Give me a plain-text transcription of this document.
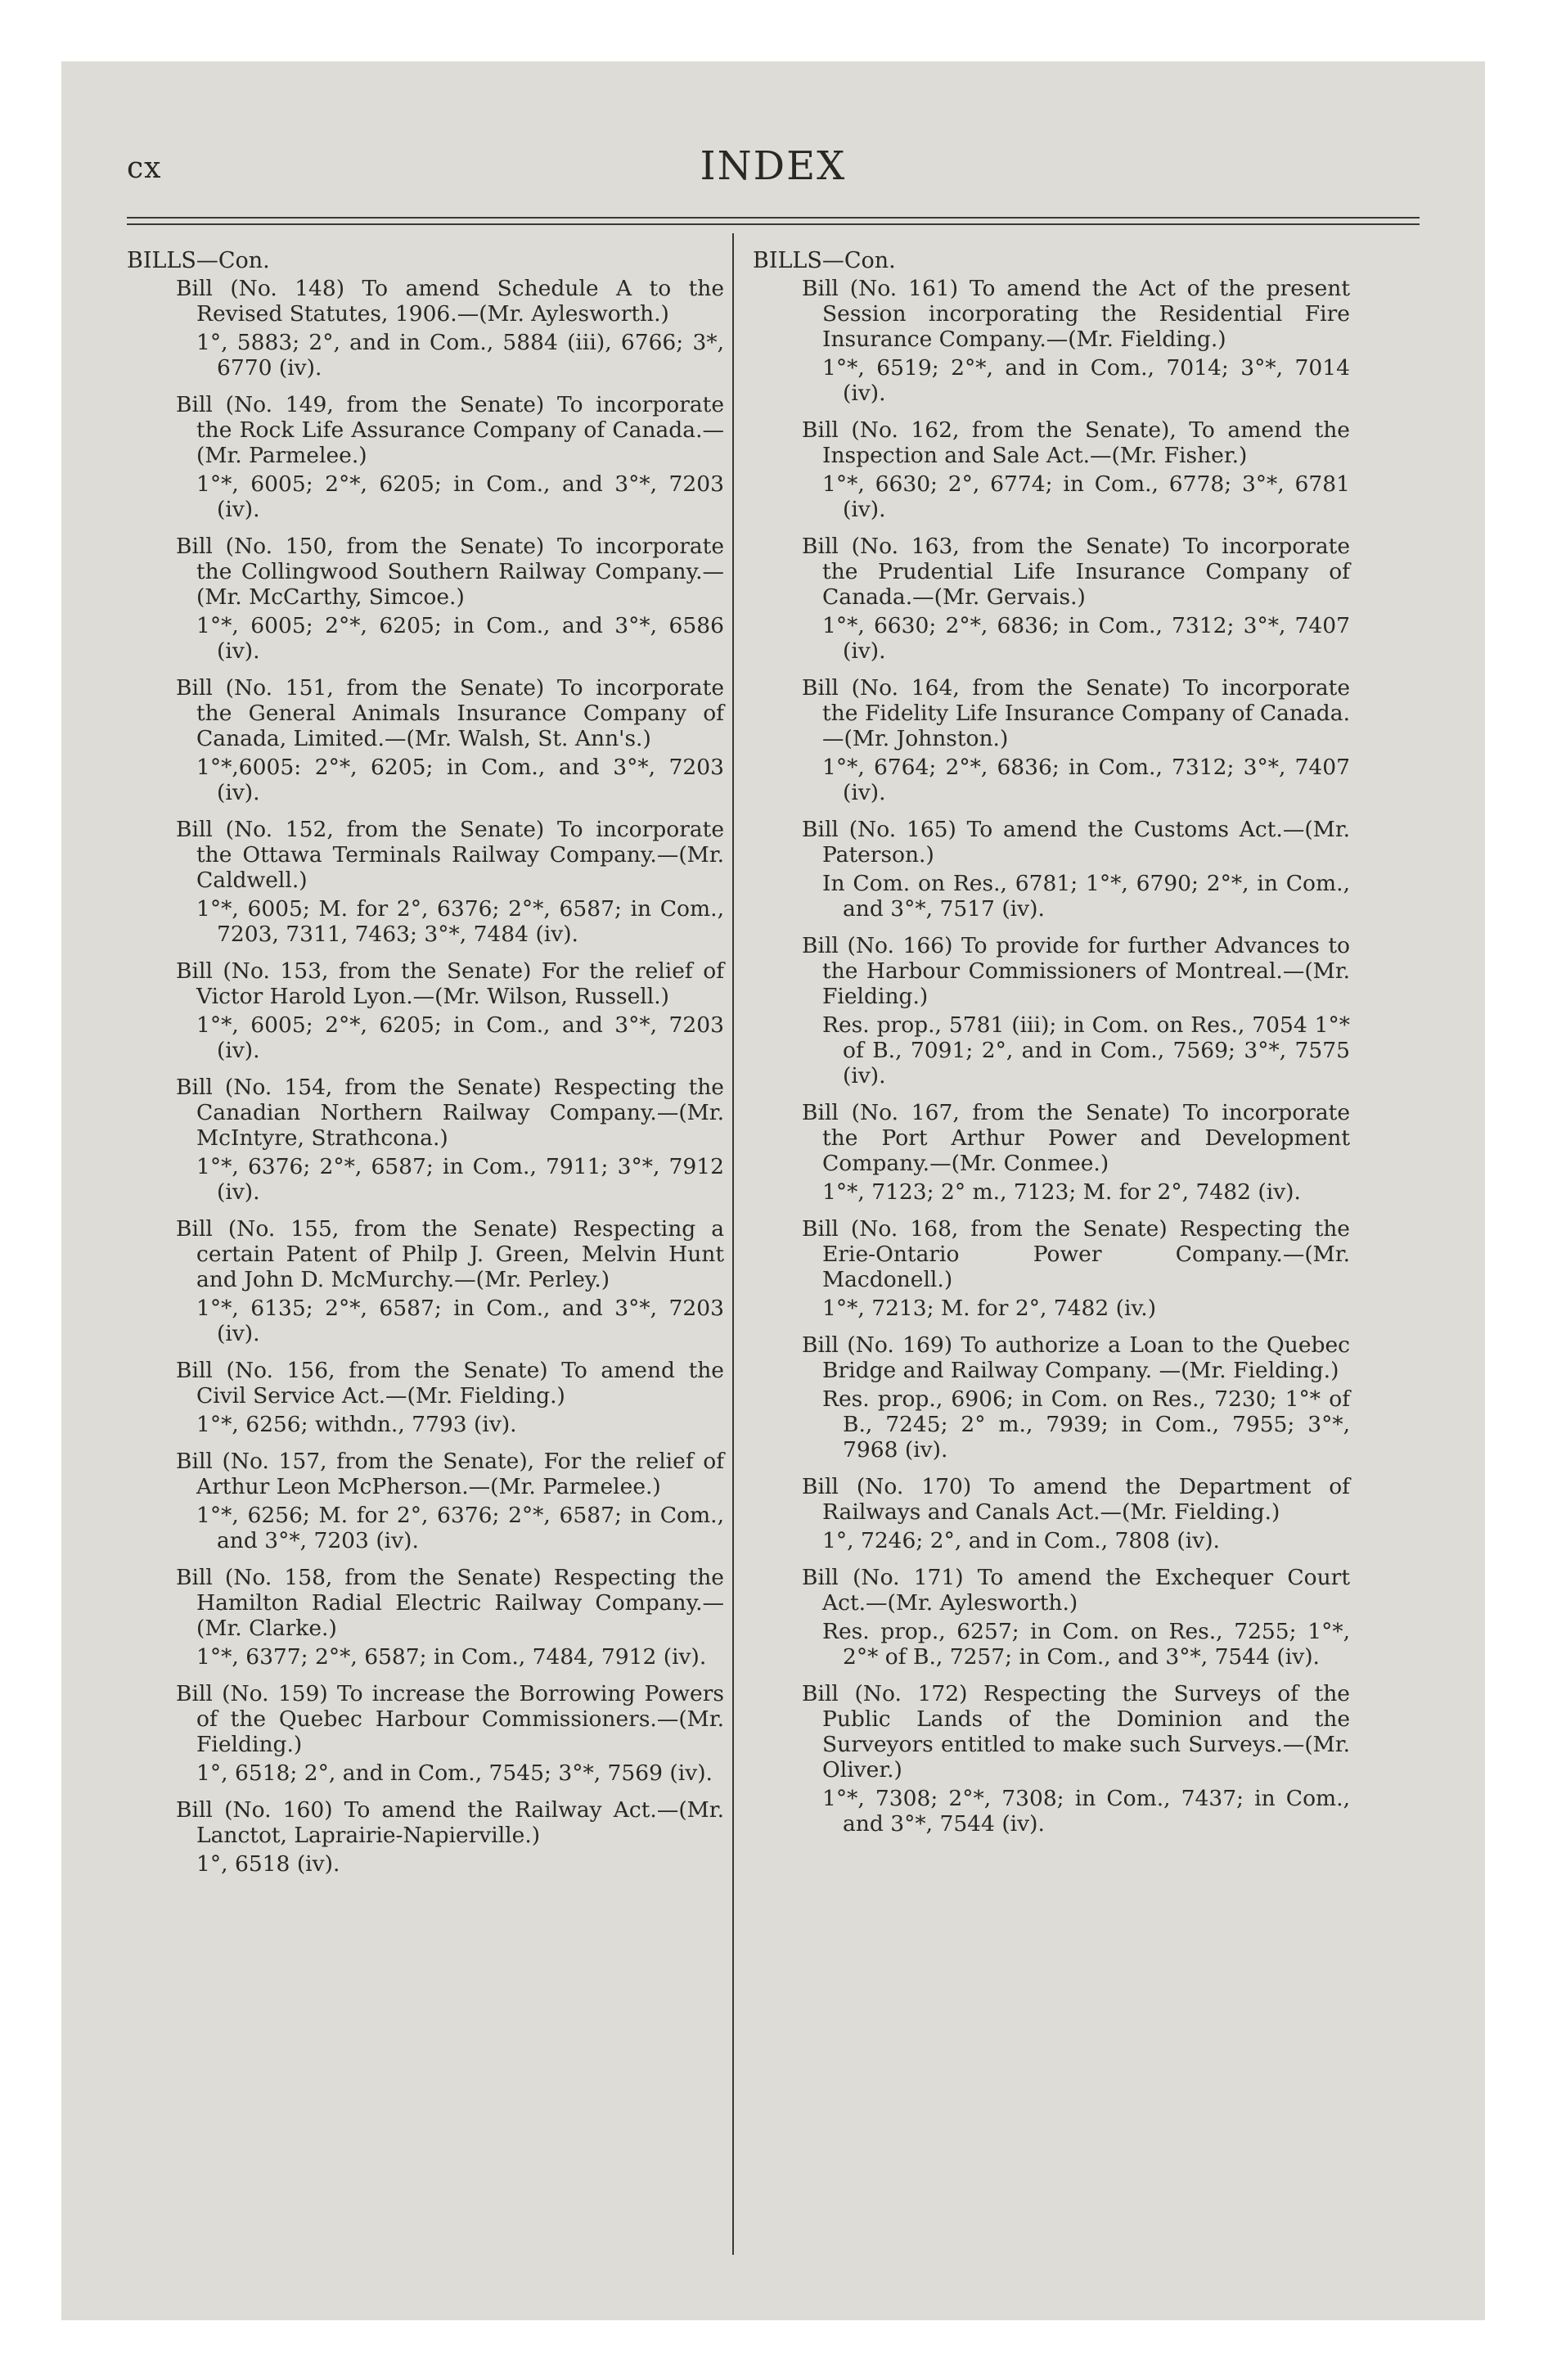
cx	INDEX
BILLS—Con.
Bill (No. 148) To amend Schedule A to the Revised Statutes, 1906.—(Mr. Aylesworth.)
1°, 5883; 2°, and in Com., 5884 (iii), 6766; 3*, 6770 (iv).
Bill (No. 149, from the Senate) To incorporate the Rock Life Assurance Company of Canada.—(Mr. Parmelee.)
1°*, 6005; 2°*, 6205; in Com., and 3°*, 7203 (iv).
Bill (No. 150, from the Senate) To incorporate the Collingwood Southern Railway Company.—(Mr. McCarthy, Simcoe.)
1°*, 6005; 2°*, 6205; in Com., and 3°*, 6586 (iv).
Bill (No. 151, from the Senate) To incorporate the General Animals Insurance Company of Canada, Limited.—(Mr. Walsh, St. Ann's.)
1°*,6005: 2°*, 6205; in Com., and 3°*, 7203 (iv).
Bill (No. 152, from the Senate) To incorporate the Ottawa Terminals Railway Company.—(Mr. Caldwell.)
1°*, 6005; M. for 2°, 6376; 2°*, 6587; in Com., 7203, 7311, 7463; 3°*, 7484 (iv).
Bill (No. 153, from the Senate) For the relief of Victor Harold Lyon.—(Mr. Wilson, Russell.)
1°*, 6005; 2°*, 6205; in Com., and 3°*, 7203 (iv).
Bill (No. 154, from the Senate) Respecting the Canadian Northern Railway Company.—(Mr. McIntyre, Strathcona.)
1°*, 6376; 2°*, 6587; in Com., 7911; 3°*, 7912 (iv).
Bill (No. 155, from the Senate) Respecting a certain Patent of Philp J. Green, Melvin Hunt and John D. McMurchy.—(Mr. Perley.)
1°*, 6135; 2°*, 6587; in Com., and 3°*, 7203 (iv).
Bill (No. 156, from the Senate) To amend the Civil Service Act.—(Mr. Fielding.)
1°*, 6256; withdn., 7793 (iv).
Bill (No. 157, from the Senate), For the relief of Arthur Leon McPherson.—(Mr. Parmelee.)
1°*, 6256; M. for 2°, 6376; 2°*, 6587; in Com., and 3°*, 7203 (iv).
Bill (No. 158, from the Senate) Respecting the Hamilton Radial Electric Railway Company.—(Mr. Clarke.)
1°*, 6377; 2°*, 6587; in Com., 7484, 7912 (iv).
Bill (No. 159) To increase the Borrowing Powers of the Quebec Harbour Commissioners.—(Mr. Fielding.)
1°, 6518; 2°, and in Com., 7545; 3°*, 7569 (iv).
Bill (No. 160) To amend the Railway Act.—(Mr. Lanctot, Laprairie-Napierville.)
1°, 6518 (iv).
BILLS—Con.
Bill (No. 161) To amend the Act of the present Session incorporating the Residential Fire Insurance Company.—(Mr. Fielding.)
1°*, 6519; 2°*, and in Com., 7014; 3°*, 7014 (iv).
Bill (No. 162, from the Senate), To amend the Inspection and Sale Act.—(Mr. Fisher.)
1°*, 6630; 2°, 6774; in Com., 6778; 3°*, 6781 (iv).
Bill (No. 163, from the Senate) To incorporate the Prudential Life Insurance Company of Canada.—(Mr. Gervais.)
1°*, 6630; 2°*, 6836; in Com., 7312; 3°*, 7407 (iv).
Bill (No. 164, from the Senate) To incorporate the Fidelity Life Insurance Company of Canada.—(Mr. Johnston.)
1°*, 6764; 2°*, 6836; in Com., 7312; 3°*, 7407 (iv).
Bill (No. 165) To amend the Customs Act.—(Mr. Paterson.)
In Com. on Res., 6781; 1°*, 6790; 2°*, in Com., and 3°*, 7517 (iv).
Bill (No. 166) To provide for further Advances to the Harbour Commissioners of Montreal.—(Mr. Fielding.)
Res. prop., 5781 (iii); in Com. on Res., 7054 1°* of B., 7091; 2°, and in Com., 7569; 3°*, 7575 (iv).
Bill (No. 167, from the Senate) To incorporate the Port Arthur Power and Development Company.—(Mr. Conmee.)
1°*, 7123; 2° m., 7123; M. for 2°, 7482 (iv).
Bill (No. 168, from the Senate) Respecting the Erie-Ontario Power Company.—(Mr. Macdonell.)
1°*, 7213; M. for 2°, 7482 (iv.)
Bill (No. 169) To authorize a Loan to the Quebec Bridge and Railway Company. —(Mr. Fielding.)
Res. prop., 6906; in Com. on Res., 7230; 1°* of B., 7245; 2° m., 7939; in Com., 7955; 3°*, 7968 (iv).
Bill (No. 170) To amend the Department of Railways and Canals Act.—(Mr. Fielding.)
1°, 7246; 2°, and in Com., 7808 (iv).
Bill (No. 171) To amend the Exchequer Court Act.—(Mr. Aylesworth.)
Res. prop., 6257; in Com. on Res., 7255; 1°*, 2°* of B., 7257; in Com., and 3°*, 7544 (iv).
Bill (No. 172) Respecting the Surveys of the Public Lands of the Dominion and the Surveyors entitled to make such Surveys.—(Mr. Oliver.)
1°*, 7308; 2°*, 7308; in Com., 7437; in Com., and 3°*, 7544 (iv).
